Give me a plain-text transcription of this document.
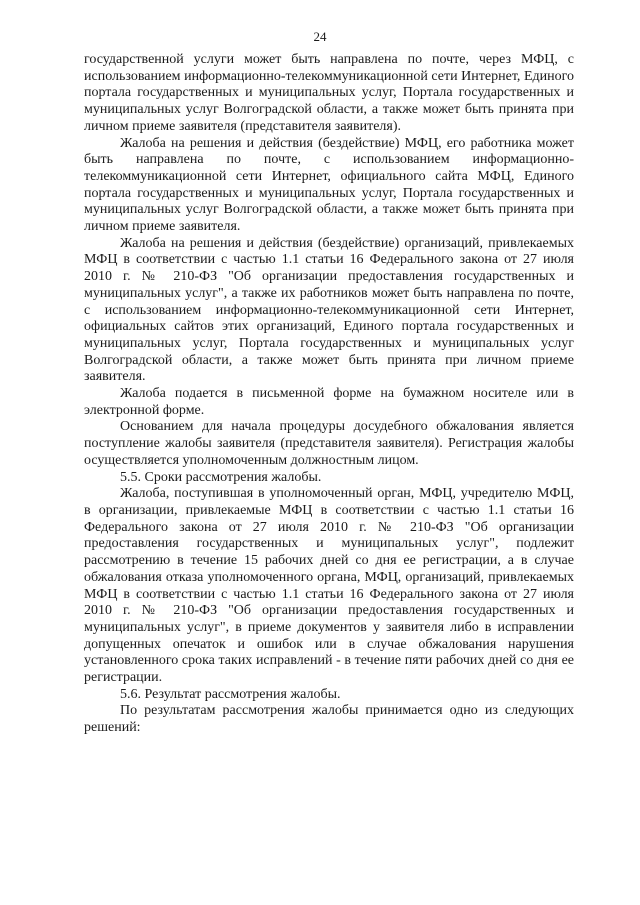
24

государственной услуги может быть направлена по почте, через МФЦ, с использованием информационно-телекоммуникационной сети Интернет, Единого портала государственных и муниципальных услуг, Портала государственных и муниципальных услуг Волгоградской области, а также может быть принята при личном приеме заявителя (представителя заявителя).

Жалоба на решения и действия (бездействие) МФЦ, его работника может быть направлена по почте, с использованием информационно-телекоммуникационной сети Интернет, официального сайта МФЦ, Единого портала государственных и муниципальных услуг, Портала государственных и муниципальных услуг Волгоградской области, а также может быть принята при личном приеме заявителя.

Жалоба на решения и действия (бездействие) организаций, привлекаемых МФЦ в соответствии с частью 1.1 статьи 16 Федерального закона от 27 июля 2010 г. № 210-ФЗ "Об организации предоставления государственных и муниципальных услуг", а также их работников может быть направлена по почте, с использованием информационно-телекоммуникационной сети Интернет, официальных сайтов этих организаций, Единого портала государственных и муниципальных услуг, Портала государственных и муниципальных услуг Волгоградской области, а также может быть принята при личном приеме заявителя.

Жалоба подается в письменной форме на бумажном носителе или в электронной форме.

Основанием для начала процедуры досудебного обжалования является поступление жалобы заявителя (представителя заявителя). Регистрация жалобы осуществляется уполномоченным должностным лицом.

5.5. Сроки рассмотрения жалобы.

Жалоба, поступившая в уполномоченный орган, МФЦ, учредителю МФЦ, в организации, привлекаемые МФЦ в соответствии с частью 1.1 статьи 16 Федерального закона от 27 июля 2010 г. № 210-ФЗ "Об организации предоставления государственных и муниципальных услуг", подлежит рассмотрению в течение 15 рабочих дней со дня ее регистрации, а в случае обжалования отказа уполномоченного органа, МФЦ, организаций, привлекаемых МФЦ в соответствии с частью 1.1 статьи 16 Федерального закона от 27 июля 2010 г. № 210-ФЗ "Об организации предоставления государственных и муниципальных услуг", в приеме документов у заявителя либо в исправлении допущенных опечаток и ошибок или в случае обжалования нарушения установленного срока таких исправлений - в течение пяти рабочих дней со дня ее регистрации.

5.6. Результат рассмотрения жалобы.

По результатам рассмотрения жалобы принимается одно из следующих решений:
